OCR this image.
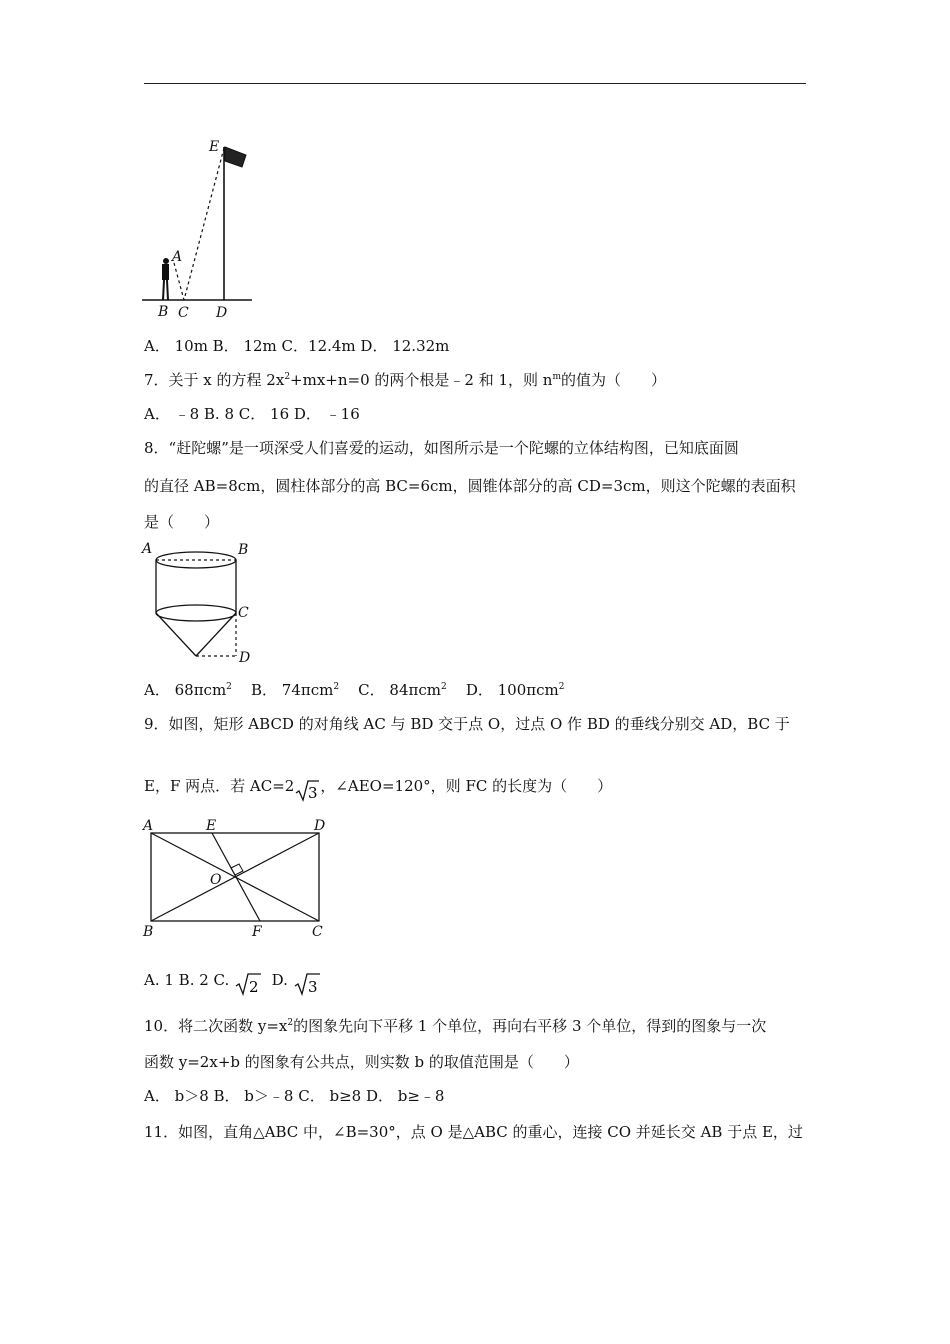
E
A
B C D
A． 10m B． 12m C．12.4m D． 12.32m
7．关于 x 的方程 $2x^2+mx+n=0$ 的两个根是﹣2 和 1，则 $n^m$的值为（　　）
A． ﹣8 B. 8 C． 16 D． ﹣16
8．“赶陀螺”是一项深受人们喜爱的运动，如图所示是一个陀螺的立体结构图，已知底面圆
的直径 AB=8cm，圆柱体部分的高 BC=6cm，圆锥体部分的高 CD=3cm，则这个陀螺的表面积
是（　　）
A	B
C
D
A． 68πcm$^2$ B． 74πcm$^2$ C． 84πcm$^2$ D． 100πcm$^2$
9．如图，矩形 ABCD 的对角线 AC 与 BD 交于点 O，过点 O 作 BD 的垂线分别交 AD，BC 于
E，F 两点．若 AC=2 3 ，∠AEO=120°，则 FC 的长度为（　　）
A	E	D
O
B	F	C
A. 1 B. 2 C. 2 D. 3
10．将二次函数 $y=x^2$的图象先向下平移 1 个单位，再向右平移 3 个单位，得到的图象与一次
函数 y=2x+b 的图象有公共点，则实数 b 的取值范围是（　　）
A． b＞8 B． b＞﹣8 C． b≥8 D． b≥﹣8
11．如图，直角△ABC 中，∠B=30°，点 O 是△ABC 的重心，连接 CO 并延长交 AB 于点 E，过
